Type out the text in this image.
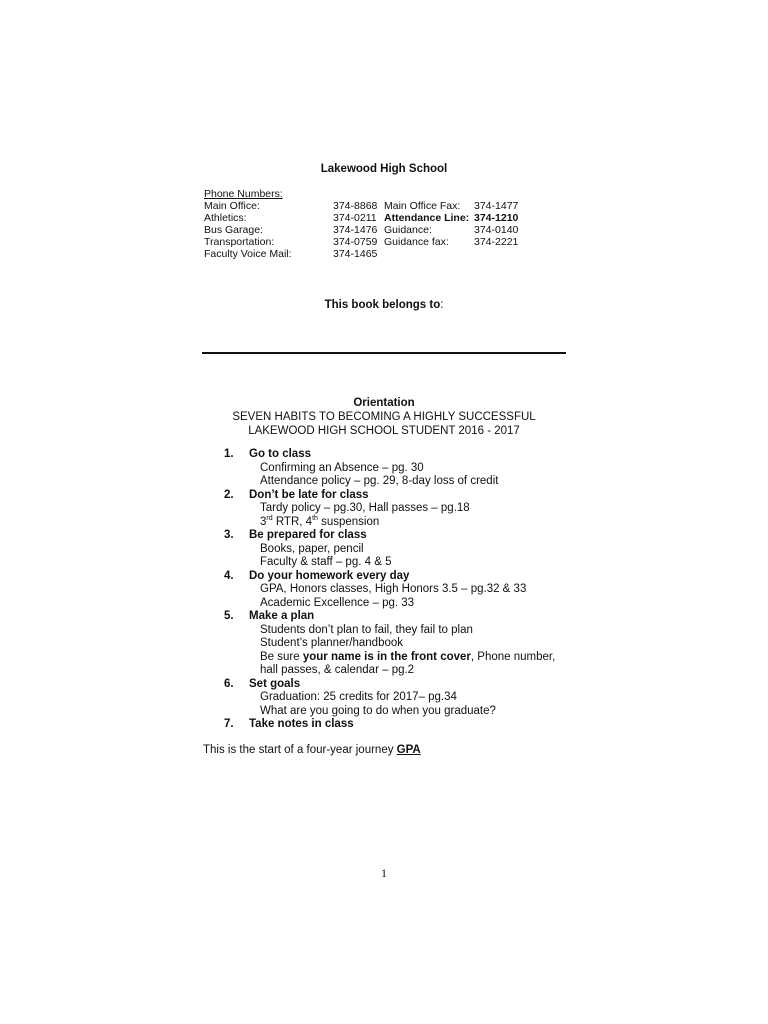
Lakewood High School
Phone Numbers:
Main Office:	374-8868 Main Office Fax: 374-1477
Athletics:	374-0211 Attendance Line: 374-1210
Bus Garage:	374-1476 Guidance:	374-0140
Transportation:	374-0759 Guidance fax: 374-2221
Faculty Voice Mail:	374-1465
This book belongs to:
Orientation
SEVEN HABITS TO BECOMING A HIGHLY SUCCESSFUL
LAKEWOOD HIGH SCHOOL STUDENT 2016 - 2017
1. Go to class
Confirming an Absence – pg. 30
Attendance policy – pg. 29, 8-day loss of credit
2. Don’t be late for class
Tardy policy – pg.30, Hall passes – pg.18
3rd RTR, 4th suspension
3. Be prepared for class
Books, paper, pencil
Faculty & staff – pg. 4 & 5
4. Do your homework every day
GPA, Honors classes, High Honors 3.5 – pg.32 & 33
Academic Excellence – pg. 33
5. Make a plan
Students don’t plan to fail, they fail to plan
Student’s planner/handbook
Be sure your name is in the front cover, Phone number,
hall passes, & calendar – pg.2
6. Set goals
Graduation: 25 credits for 2017– pg.34
What are you going to do when you graduate?
7. Take notes in class
This is the start of a four-year journey GPA
1
